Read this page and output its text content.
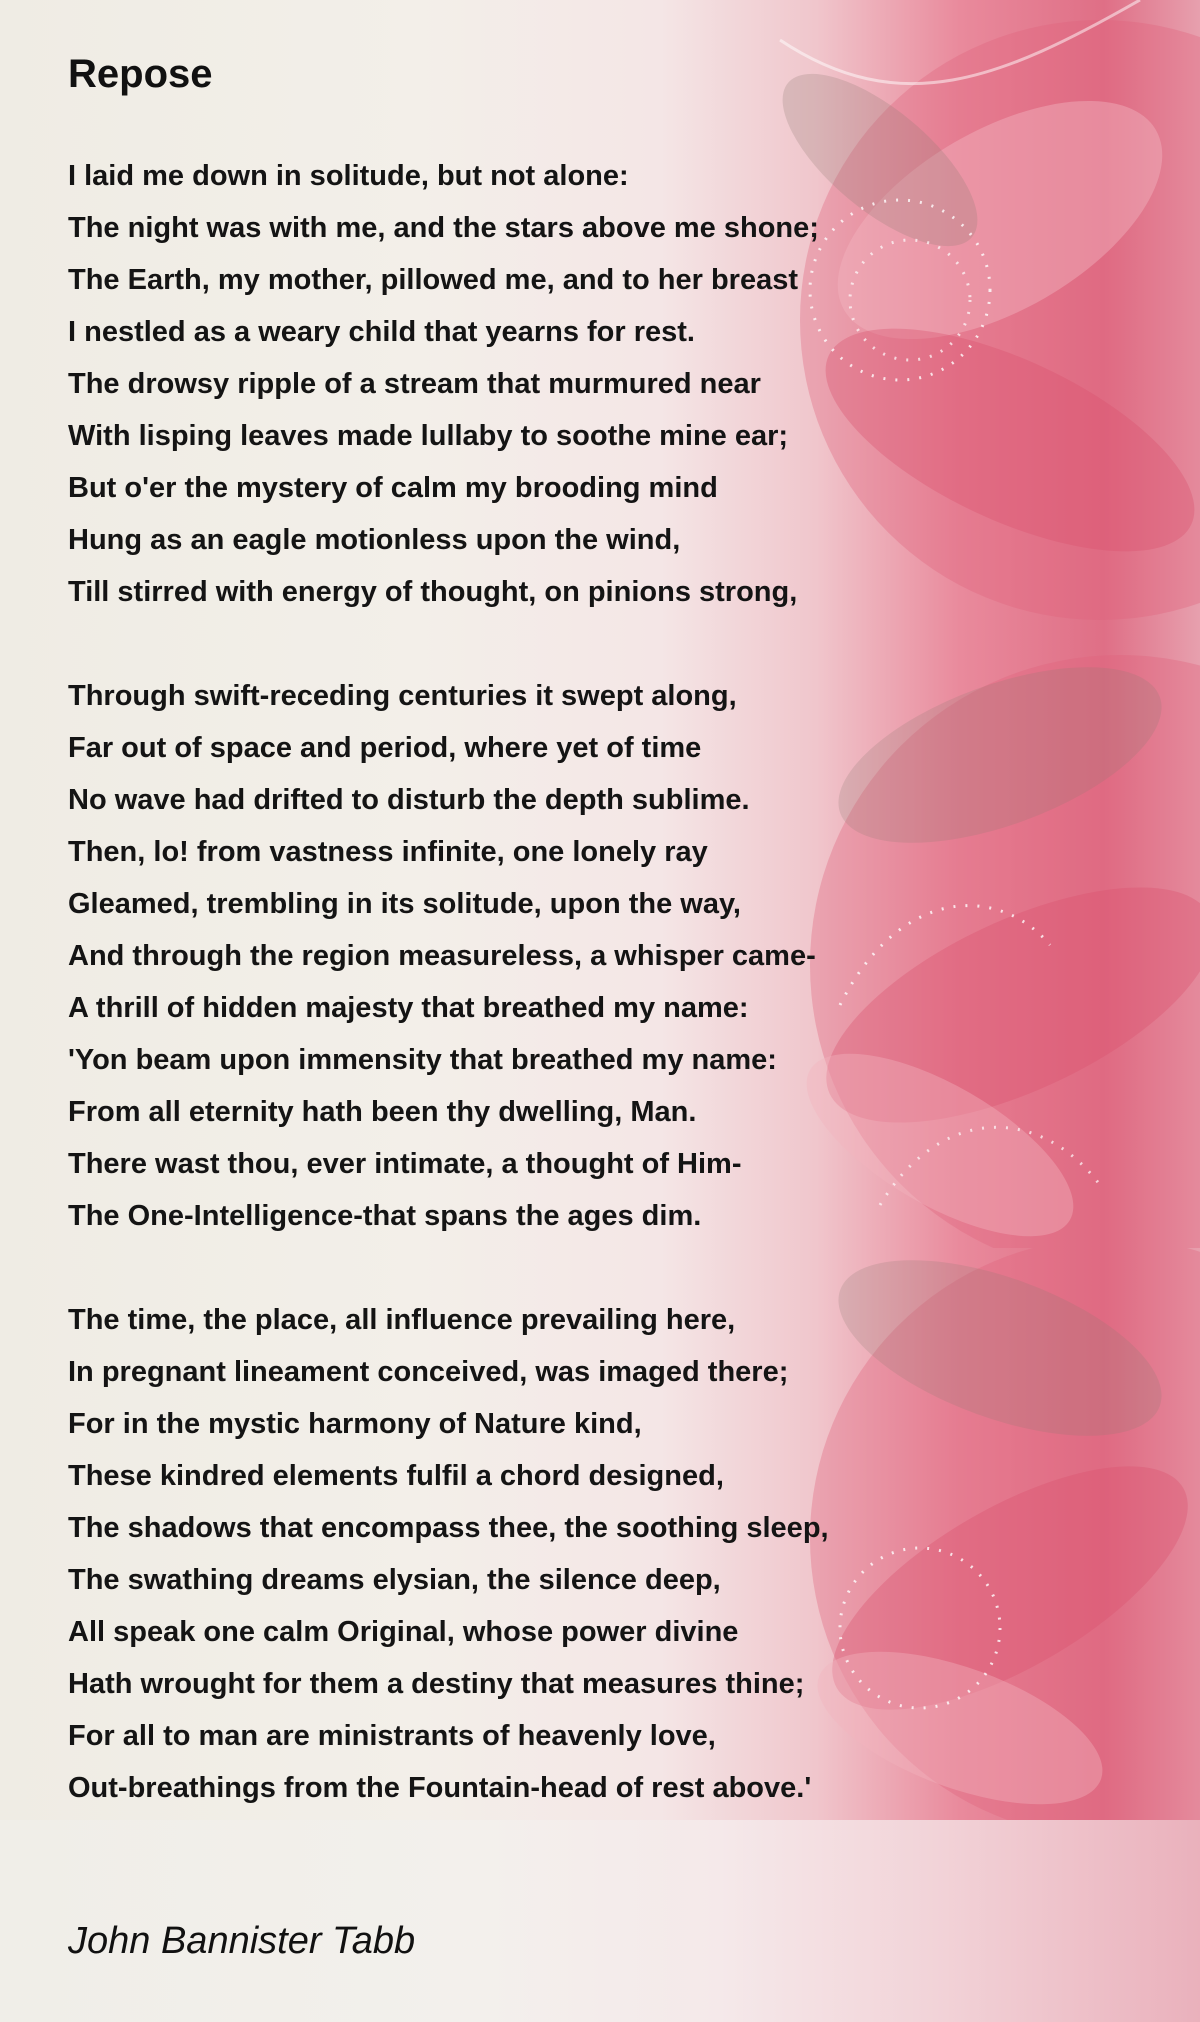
Repose
I laid me down in solitude, but not alone:
The night was with me, and the stars above me shone;
The Earth, my mother, pillowed me, and to her breast
I nestled as a weary child that yearns for rest.
The drowsy ripple of a stream that murmured near
With lisping leaves made lullaby to soothe mine ear;
But o'er the mystery of calm my brooding mind
Hung as an eagle motionless upon the wind,
Till stirred with energy of thought, on pinions strong,
Through swift-receding centuries it swept along,
Far out of space and period, where yet of time
No wave had drifted to disturb the depth sublime.
Then, lo! from vastness infinite, one lonely ray
Gleamed, trembling in its solitude, upon the way,
And through the region measureless, a whisper came-
A thrill of hidden majesty that breathed my name:
'Yon beam upon immensity that breathed my name:
From all eternity hath been thy dwelling, Man.
There wast thou, ever intimate, a thought of Him-
The One-Intelligence-that spans the ages dim.
The time, the place, all influence prevailing here,
In pregnant lineament conceived, was imaged there;
For in the mystic harmony of Nature kind,
These kindred elements fulfil a chord designed,
The shadows that encompass thee, the soothing sleep,
The swathing dreams elysian, the silence deep,
All speak one calm Original, whose power divine
Hath wrought for them a destiny that measures thine;
For all to man are ministrants of heavenly love,
Out-breathings from the Fountain-head of rest above.'
John Bannister Tabb
